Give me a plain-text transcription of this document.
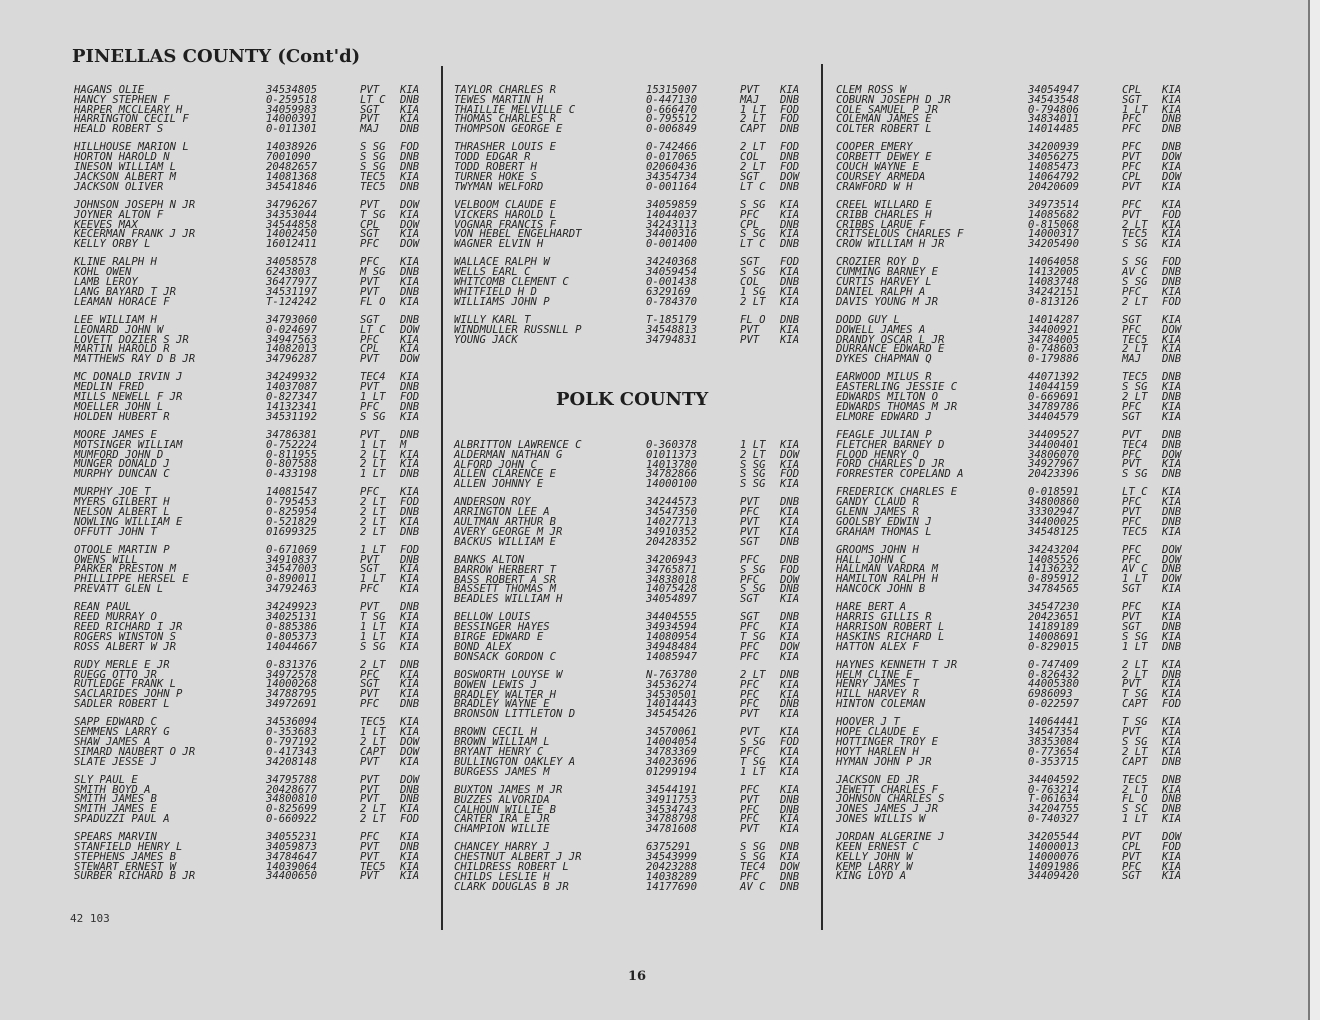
PINELLAS COUNTY (Cont'd)
POLK COUNTY
HAGANS OLIE	34534805	PVT KIA
HANCY STEPHEN F	0-259518	LT C DNB
HARPER MCCLEARY H	34059983	SGT KIA
HARRINGTON CECIL F	14000391	PVT KIA
HEALD ROBERT S	0-011301	MAJ DNB
HILLHOUSE MARION L	14038926	S SG FOD
HORTON HAROLD N	7001090	S SG DNB
INESON WILLIAM L	20482657	S SG DNB
JACKSON ALBERT M	14081368	TEC5 KIA
JACKSON OLIVER	34541846	TEC5 DNB
JOHNSON JOSEPH N JR	34796267	PVT DOW
JOYNER ALTON F	34353044	T SG KIA
KEEVES MAX	34544858	CPL DOW
KECERMAN FRANK J JR	14002450	SGT KIA
KELLY ORBY L	16012411	PFC DOW
KLINE RALPH H	34058578	PFC KIA
KOHL OWEN	6243803	M SG DNB
LAMB LEROY	36477977	PVT KIA
LANG BAYARD T JR	34531197	PVT DNB
LEAMAN HORACE F	T-124242	FL O KIA
LEE WILLIAM H	34793060	SGT DNB
LEONARD JOHN W	0-024697	LT C DOW
LOVETT DOZIER S JR	34947563	PFC KIA
MARTIN HAROLD R	14082013	CPL KIA
MATTHEWS RAY D B JR	34796287	PVT DOW
MC DONALD IRVIN J	34249932	TEC4 KIA
MEDLIN FRED	14037087	PVT DNB
MILLS NEWELL F JR	0-827347	1 LT FOD
MOELLER JOHN L	14132341	PFC DNB
HOLDEN HUBERT R	34531192	S SG KIA
MOORE JAMES E	34786381	PVT DNB
MOTSINGER WILLIAM	0-752224	1 LT M
MUMFORD JOHN D	0-811955	2 LT KIA
MUNGER DONALD J	0-807588	2 LT KIA
MURPHY DUNCAN C	0-433198	1 LT DNB
MURPHY JOE T	14081547	PFC KIA
MYERS GILBERT H	0-795453	2 LT FOD
NELSON ALBERT L	0-825954	2 LT DNB
NOWLING WILLIAM E	0-521829	2 LT KIA
OFFUTT JOHN T	01699325	2 LT DNB
OTOOLE MARTIN P	0-671069	1 LT FOD
OWENS WILL	34910837	PVT DNB
PARKER PRESTON M	34547003	SGT KIA
PHILLIPPE HERSEL E	0-890011	1 LT KIA
PREVATT GLEN L	34792463	PFC KIA
REAN PAUL	34249923	PVT DNB
REED MURRAY O	34025131	T SG KIA
REED RICHARD I JR	0-885386	1 LT KIA
ROGERS WINSTON S	0-805373	1 LT KIA
ROSS ALBERT W JR	14044667	S SG KIA
RUDY MERLE E JR	0-831376	2 LT DNB
RUEGG OTTO JR	34972578	PFC KIA
RUTLEDGE FRANK L	14000268	SGT KIA
SACLARIDES JOHN P	34788795	PVT KIA
SADLER ROBERT L	34972691	PFC DNB
SAPP EDWARD C	34536094	TEC5 KIA
SEMMENS LARRY G	0-353683	1 LT KIA
SHAW JAMES A	0-797192	2 LT DOW
SIMARD NAUBERT O JR	0-417343	CAPT DOW
SLATE JESSE J	34208148	PVT KIA
SLY PAUL E	34795788	PVT DOW
SMITH BOYD A	20428677	PVT DNB
SMITH JAMES B	34800810	PVT DNB
SMITH JAMES E	0-825699	2 LT KIA
SPADUZZI PAUL A	0-660922	2 LT FOD
SPEARS MARVIN	34055231	PFC KIA
STANFIELD HENRY L	34059873	PVT DNB
STEPHENS JAMES B	34784647	PVT KIA
STEWART ERNEST W	14039064	TEC5 KIA
SURBER RICHARD B JR	34400650	PVT KIA
TAYLOR CHARLES R	15315007	PVT KIA
TEWES MARTIN H	0-447130	MAJ DNB
THAILLIE MELVILLE C	0-666470	1 LT FOD
THOMAS CHARLES R	0-795512	2 LT FOD
THOMPSON GEORGE E	0-006849	CAPT DNB
THRASHER LOUIS E	0-742466	2 LT FOD
TODD EDGAR R	0-017065	COL DNB
TODD ROBERT H	02060436	2 LT FOD
TURNER HOKE S	34354734	SGT DOW
TWYMAN WELFORD	0-001164	LT C DNB
VELBOOM CLAUDE E	34059859	S SG KIA
VICKERS HAROLD L	14044037	PFC KIA
VOGNAR FRANCIS F	34243113	CPL DNB
VON HEBEL ENGELHARDT	34400316	S SG KIA
WAGNER ELVIN H	0-001400	LT C DNB
WALLACE RALPH W	34240368	SGT FOD
WELLS EARL C	34059454	S SG KIA
WHITCOMB CLEMENT C	0-001438	COL DNB
WHITFIELD H D	6329169	1 SG KIA
WILLIAMS JOHN P	0-784370	2 LT KIA
WILLY KARL T	T-185179	FL O DNB
WINDMULLER RUSSNLL P	34548813	PVT KIA
YOUNG JACK	34794831	PVT KIA
ALBRITTON LAWRENCE C	0-360378	1 LT KIA
ALDERMAN NATHAN G	01011373	2 LT DOW
ALFORD JOHN C	14013780	S SG KIA
ALLEN CLARENCE E	34782866	S SG FOD
ALLEN JOHNNY E	14000100	S SG KIA
ANDERSON ROY	34244573	PVT DNB
ARRINGTON LEE A	34547350	PFC KIA
AULTMAN ARTHUR B	14027713	PVT KIA
AVERY GEORGE M JR	34910352	PVT KIA
BACKUS WILLIAM E	20428352	SGT DNB
BANKS ALTON	34206943	PFC DNB
BARROW HERBERT T	34765871	S SG FOD
BASS ROBERT A SR	34838018	PFC DOW
BASSETT THOMAS M	14075428	S SG DNB
BEADLES WILLIAM H	34054897	SGT KIA
BELLOW LOUIS	34404555	SGT DNB
BESSINGER HAYES	34934594	PFC KIA
BIRGE EDWARD E	14080954	T SG KIA
BOND ALEX	34948484	PFC DOW
BONSACK GORDON C	14085947	PFC KIA
BOSWORTH LOUYSE W	N-763780	2 LT DNB
BOWEN LEWIS J	34536274	PFC KIA
BRADLEY WALTER H	34530501	PFC KIA
BRADLEY WAYNE E	14014443	PFC DNB
BRONSON LITTLETON D	34545426	PVT KIA
BROWN CECIL H	34570061	PVT KIA
BROWN WILLIAM L	14004054	S SG FOD
BRYANT HENRY C	34783369	PFC KIA
BULLINGTON OAKLEY A	34023696	T SG KIA
BURGESS JAMES M	01299194	1 LT KIA
BUXTON JAMES M JR	34544191	PFC KIA
BUZZES ALVORIDA	34911753	PVT DNB
CALHOUN WILLIE B	34534743	PFC DNB
CARTER IRA E JR	34788798	PFC KIA
CHAMPION WILLIE	34781608	PVT KIA
CHANCEY HARRY J	6375291	S SG DNB
CHESTNUT ALBERT J JR	34543999	S SG KIA
CHILDRESS ROBERT L	20423288	TEC4 DOW
CHILDS LESLIE H	14038289	PFC DNB
CLARK DOUGLAS B JR	14177690	AV C DNB
CLEM ROSS W	34054947	CPL KIA
COBURN JOSEPH D JR	34543548	SGT KIA
COLE SAMUEL P JR	0-794806	1 LT KIA
COLEMAN JAMES E	34834011	PFC DNB
COLTER ROBERT L	14014485	PFC DNB
COOPER EMERY	34200939	PFC DNB
CORBETT DEWEY E	34056275	PVT DOW
COUCH WAYNE E	14085473	PFC KIA
COURSEY ARMEDA	14064792	CPL DOW
CRAWFORD W H	20420609	PVT KIA
CREEL WILLARD E	34973514	PFC KIA
CRIBB CHARLES H	14085682	PVT FOD
CRIBBS LARUE F	0-815068	2 LT KIA
CRITSELOUS CHARLES F	14000317	TEC5 KIA
CROW WILLIAM H JR	34205490	S SG KIA
CROZIER ROY D	14064058	S SG FOD
CUMMING BARNEY E	14132005	AV C DNB
CURTIS HARVEY L	14083748	S SG DNB
DANIEL RALPH A	34242151	PFC KIA
DAVIS YOUNG M JR	0-813126	2 LT FOD
DODD GUY L	14014287	SGT KIA
DOWELL JAMES A	34400921	PFC DOW
DRANDY OSCAR L JR	34784005	TEC5 KIA
DURRANCE EDWARD E	0-748603	2 LT KIA
DYKES CHAPMAN Q	0-179886	MAJ DNB
EARWOOD MILUS R	44071392	TEC5 DNB
EASTERLING JESSIE C	14044159	S SG KIA
EDWARDS MILTON O	0-669691	2 LT DNB
EDWARDS THOMAS M JR	34789786	PFC KIA
ELMORE EDWARD J	34404579	SGT KIA
FEAGLE JULIAN P	34409527	PVT DNB
FLETCHER BARNEY D	34400401	TEC4 DNB
FLOOD HENRY Q	34806070	PFC DOW
FORD CHARLES D JR	34927967	PVT KIA
FORRESTER COPELAND A	20423396	S SG DNB
FREDERICK CHARLES E	0-018591	LT C KIA
GANDY CLAUD R	34800860	PFC KIA
GLENN JAMES R	33302947	PVT DNB
GOOLSBY EDWIN J	34400025	PFC DNB
GRAHAM THOMAS L	34548125	TEC5 KIA
GROOMS JOHN H	34243204	PFC DOW
HALL JOHN C	14085526	PFC DOW
HALLMAN VARDRA M	14136232	AV C DNB
HAMILTON RALPH H	0-895912	1 LT DOW
HANCOCK JOHN B	34784565	SGT KIA
HARE BERT A	34547230	PFC KIA
HARRIS GILLIS R	20423651	PVT KIA
HARRISON ROBERT L	14189189	SGT DNB
HASKINS RICHARD L	14008691	S SG KIA
HATTON ALEX F	0-829015	1 LT DNB
HAYNES KENNETH T JR	0-747409	2 LT KIA
HELM CLINE E	0-826432	2 LT DNB
HENRY JAMES T	44005380	PVT KIA
HILL HARVEY R	6986093	T SG KIA
HINTON COLEMAN	0-022597	CAPT FOD
HOOVER J T	14064441	T SG KIA
HOPE CLAUDE E	34547354	PVT KIA
HOTTINGER TROY E	38353084	S SG KIA
HOYT HARLEN H	0-773654	2 LT KIA
HYMAN JOHN P JR	0-353715	CAPT DNB
JACKSON ED JR	34404592	TEC5 DNB
JEWETT CHARLES F	0-763214	2 LT KIA
JOHNSON CHARLES S	T-061634	FL O DNB
JONES JAMES J JR	34204755	S SC DNB
JONES WILLIS W	0-740327	1 LT KIA
JORDAN ALGERINE J	34205544	PVT DOW
KEEN ERNEST C	14000013	CPL FOD
KELLY JOHN W	14000076	PVT KIA
KEMP LARRY W	14091986	PFC KIA
KING LOYD A	34409420	SGT KIA
42 103
16
